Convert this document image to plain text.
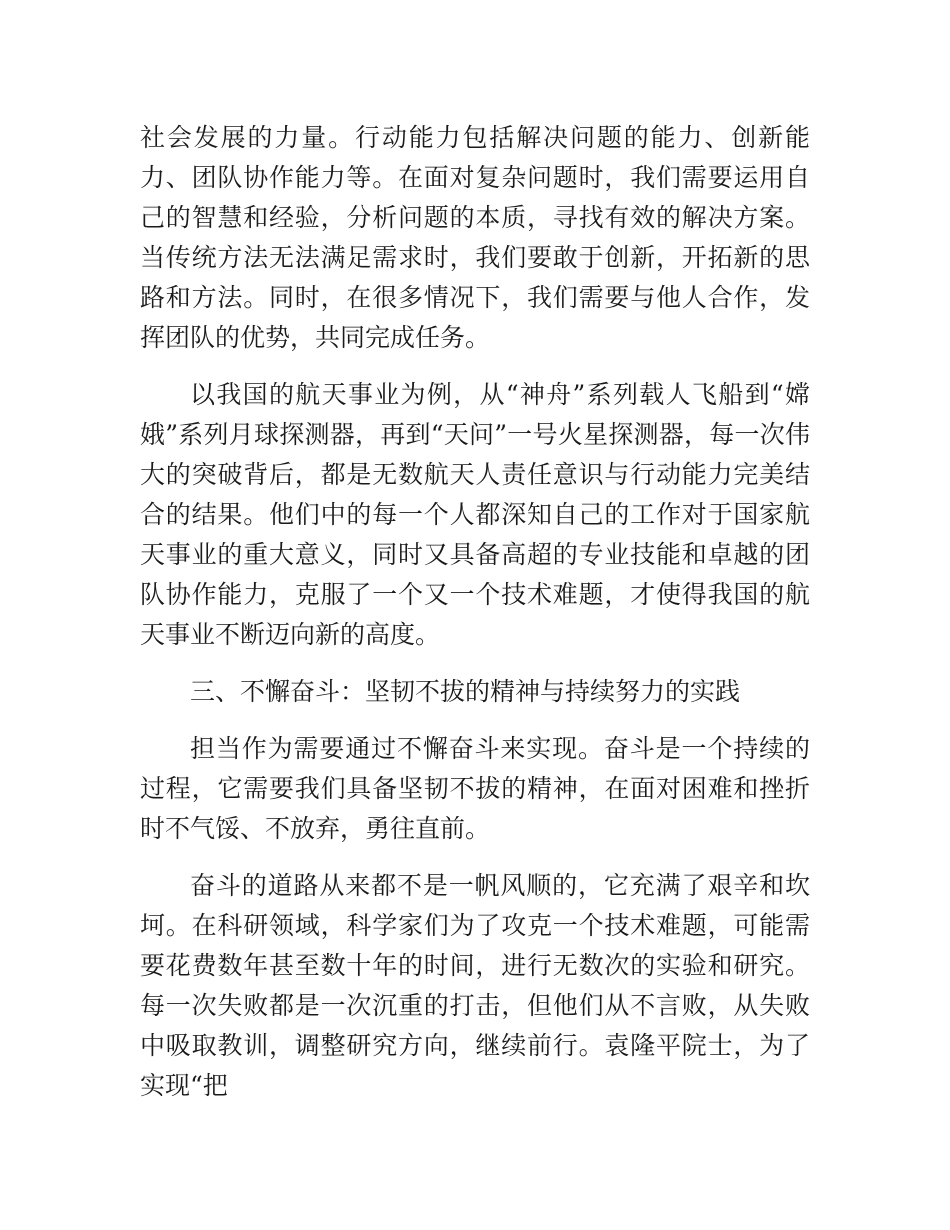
社会发展的力量。行动能力包括解决问题的能力、创新能力、团队协作能力等。在面对复杂问题时，我们需要运用自己的智慧和经验，分析问题的本质，寻找有效的解决方案。当传统方法无法满足需求时，我们要敢于创新，开拓新的思路和方法。同时，在很多情况下，我们需要与他人合作，发挥团队的优势，共同完成任务。

以我国的航天事业为例，从“神舟”系列载人飞船到“嫦娥”系列月球探测器，再到“天问”一号火星探测器，每一次伟大的突破背后，都是无数航天人责任意识与行动能力完美结合的结果。他们中的每一个人都深知自己的工作对于国家航天事业的重大意义，同时又具备高超的专业技能和卓越的团队协作能力，克服了一个又一个技术难题，才使得我国的航天事业不断迈向新的高度。

三、不懈奋斗：坚韧不拔的精神与持续努力的实践

担当作为需要通过不懈奋斗来实现。奋斗是一个持续的过程，它需要我们具备坚韧不拔的精神，在面对困难和挫折时不气馁、不放弃，勇往直前。

奋斗的道路从来都不是一帆风顺的，它充满了艰辛和坎坷。在科研领域，科学家们为了攻克一个技术难题，可能需要花费数年甚至数十年的时间，进行无数次的实验和研究。每一次失败都是一次沉重的打击，但他们从不言败，从失败中吸取教训，调整研究方向，继续前行。袁隆平院士，为了实现“把
